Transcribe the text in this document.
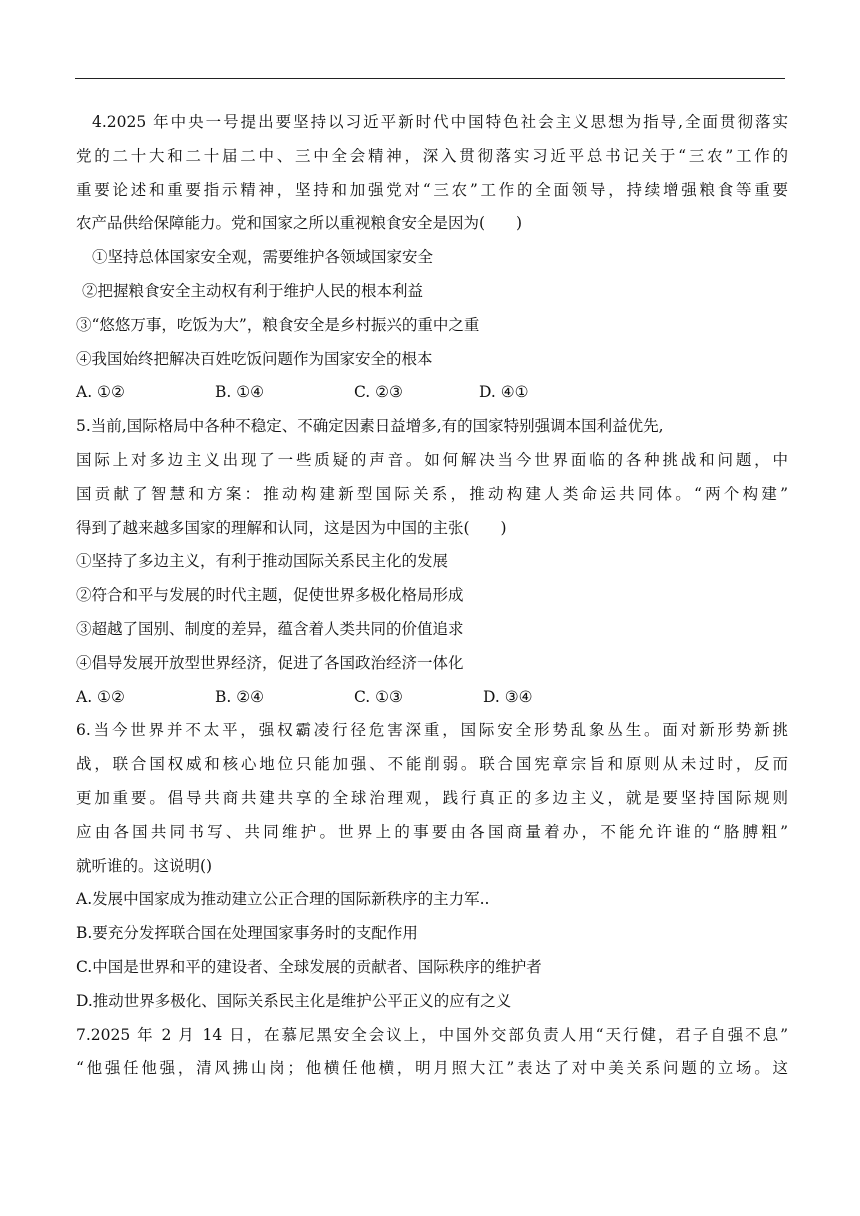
4.2025 年中央一号提出要坚持以习近平新时代中国特色社会主义思想为指导,全面贯彻落实
党的二十大和二十届二中、三中全会精神，深入贯彻落实习近平总书记关于“三农”工作的
重要论述和重要指示精神，坚持和加强党对“三农”工作的全面领导，持续增强粮食等重要
农产品供给保障能力。党和国家之所以重视粮食安全是因为(　　)
①坚持总体国家安全观，需要维护各领域国家安全
②把握粮食安全主动权有利于维护人民的根本利益
③“悠悠万事，吃饭为大”，粮食安全是乡村振兴的重中之重
④我国始终把解决百姓吃饭问题作为国家安全的根本
A. ①②	B. ①④	C. ②③	D. ④①
5.当前,国际格局中各种不稳定、不确定因素日益增多,有的国家特别强调本国利益优先,
国际上对多边主义出现了一些质疑的声音。如何解决当今世界面临的各种挑战和问题，中
国贡献了智慧和方案：推动构建新型国际关系，推动构建人类命运共同体。“两个构建”
得到了越来越多国家的理解和认同，这是因为中国的主张(　　)
①坚持了多边主义，有利于推动国际关系民主化的发展
②符合和平与发展的时代主题，促使世界多极化格局形成
③超越了国别、制度的差异，蕴含着人类共同的价值追求
④倡导发展开放型世界经济，促进了各国政治经济一体化
A. ①②	B. ②④	C. ①③	D. ③④
6.当今世界并不太平，强权霸凌行径危害深重，国际安全形势乱象丛生。面对新形势新挑
战，联合国权威和核心地位只能加强、不能削弱。联合国宪章宗旨和原则从未过时，反而
更加重要。倡导共商共建共享的全球治理观，践行真正的多边主义，就是要坚持国际规则
应由各国共同书写、共同维护。世界上的事要由各国商量着办，不能允许谁的“胳膊粗”
就听谁的。这说明()
A.发展中国家成为推动建立公正合理的国际新秩序的主力军..
B.要充分发挥联合国在处理国家事务时的支配作用
C.中国是世界和平的建设者、全球发展的贡献者、国际秩序的维护者
D.推动世界多极化、国际关系民主化是维护公平正义的应有之义
7.2025 年 2 月 14 日，在慕尼黑安全会议上，中国外交部负责人用“天行健，君子自强不息”
“他强任他强，清风拂山岗；他横任他横，明月照大江”表达了对中美关系问题的立场。这
